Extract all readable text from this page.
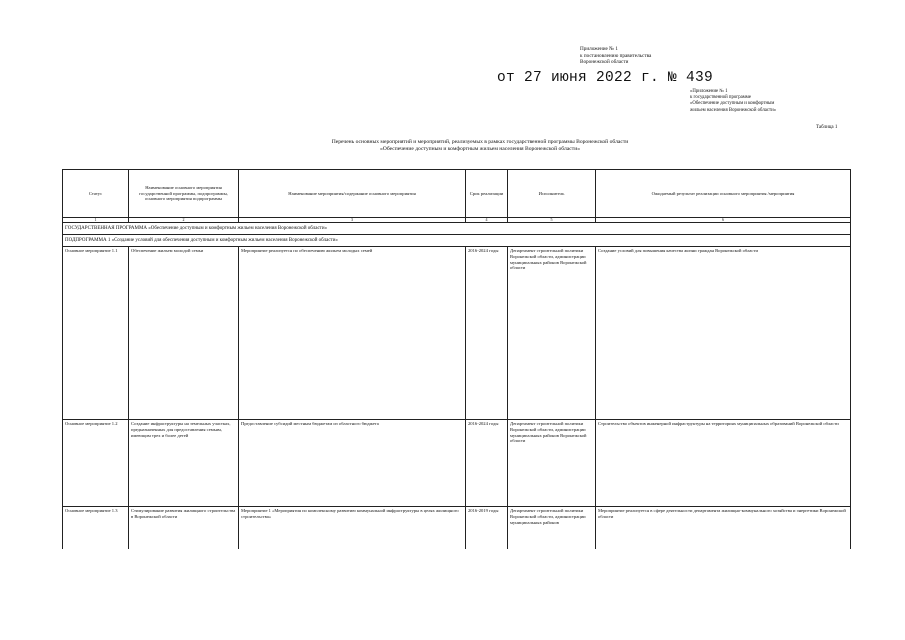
Приложение № 1
к постановлению правительства
Воронежской области
от 27 июня 2022 г. № 439
«Приложение № 1
к государственной программе
«Обеспечение доступным и комфортным
жильем населения Воронежской области»
Таблица 1
Перечень основных мероприятий и мероприятий, реализуемых в рамках государственной программы Воронежской области
«Обеспечение доступным и комфортным жильем населения Воронежской области»
Статус	Наименование основного мероприятия государственной программы, подпрограммы, основного мероприятия подпрограммы	Наименование мероприятия/содержание основного мероприятия	Срок реализации	Исполнитель	Ожидаемый результат реализации основного мероприятия /мероприятия
1	2	3	4	5	6
ГОСУДАРСТВЕННАЯ ПРОГРАММА «Обеспечение доступным и комфортным жильем населения Воронежской области»					
ПОДПРОГРАММА 1 «Создание условий для обеспечения доступным и комфортным жильем населения Воронежской области»					
Основное мероприятие 1.1	Обеспечение жильем молодой семьи	Мероприятие реализуется по обеспечению жильем молодых семей	2016-2024 годы	Департамент строительной политики Воронежской области, администрации муниципальных районов Воронежской области	Создание условий для повышения качества жизни граждан Воронежской области
Основное мероприятие 1.2	Создание инфраструктуры на земельных участках, предназначенных для предоставления семьям, имеющим трех и более детей	Предоставление субсидий местным бюджетам из областного бюджета	2016-2024 годы	Департамент строительной политики Воронежской области, администрации муниципальных районов Воронежской области	Строительство объектов инженерной инфраструктуры на территориях муниципальных образований Воронежской области
Основное мероприятие 1.3	Стимулирование развития жилищного строительства в Воронежской области	Мероприятие 1 «Мероприятия по комплексному развитию коммунальной инфраструктуры в целях жилищного строительства»	2016-2019 годы	Департамент строительной политики Воронежской области, администрации муниципальных районов	Мероприятие реализуется в сфере деятельности департамента жилищно-коммунального хозяйства и энергетики Воронежской области
